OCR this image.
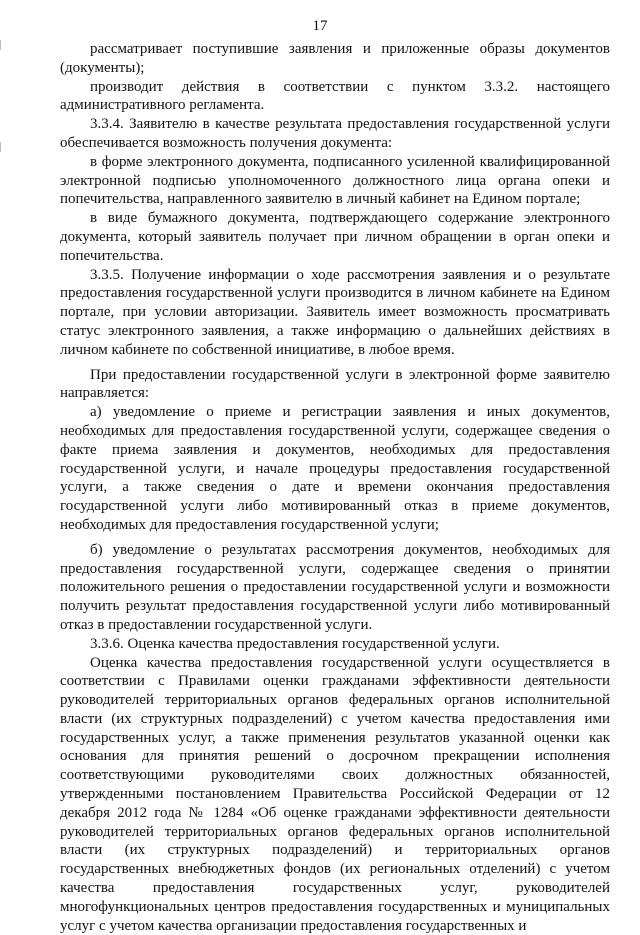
17

рассматривает поступившие заявления и приложенные образы документов (документы);

производит действия в соответствии с пунктом 3.3.2. настоящего административного регламента.

3.3.4. Заявителю в качестве результата предоставления государственной услуги обеспечивается возможность получения документа:

в форме электронного документа, подписанного усиленной квалифицированной электронной подписью уполномоченного должностного лица органа опеки и попечительства, направленного заявителю в личный кабинет на Едином портале;

в виде бумажного документа, подтверждающего содержание электронного документа, который заявитель получает при личном обращении в орган опеки и попечительства.

3.3.5. Получение информации о ходе рассмотрения заявления и о результате предоставления государственной услуги производится в личном кабинете на Едином портале, при условии авторизации. Заявитель имеет возможность просматривать статус электронного заявления, а также информацию о дальнейших действиях в личном кабинете по собственной инициативе, в любое время.

При предоставлении государственной услуги в электронной форме заявителю направляется:

а) уведомление о приеме и регистрации заявления и иных документов, необходимых для предоставления государственной услуги, содержащее сведения о факте приема заявления и документов, необходимых для предоставления государственной услуги, и начале процедуры предоставления государственной услуги, а также сведения о дате и времени окончания предоставления государственной услуги либо мотивированный отказ в приеме документов, необходимых для предоставления государственной услуги;

б) уведомление о результатах рассмотрения документов, необходимых для предоставления государственной услуги, содержащее сведения о принятии положительного решения о предоставлении государственной услуги и возможности получить результат предоставления государственной услуги либо мотивированный отказ в предоставлении государственной услуги.

3.3.6. Оценка качества предоставления государственной услуги.

Оценка качества предоставления государственной услуги осуществляется в соответствии с Правилами оценки гражданами эффективности деятельности руководителей территориальных органов федеральных органов исполнительной власти (их структурных подразделений) с учетом качества предоставления ими государственных услуг, а также применения результатов указанной оценки как основания для принятия решений о досрочном прекращении исполнения соответствующими руководителями своих должностных обязанностей, утвержденными постановлением Правительства Российской Федерации от 12 декабря 2012 года № 1284 «Об оценке гражданами эффективности деятельности руководителей территориальных органов федеральных органов исполнительной власти (их структурных подразделений) и территориальных органов государственных внебюджетных фондов (их региональных отделений) с учетом качества предоставления государственных услуг, руководителей многофункциональных центров предоставления государственных и муниципальных услуг с учетом качества организации предоставления государственных и
